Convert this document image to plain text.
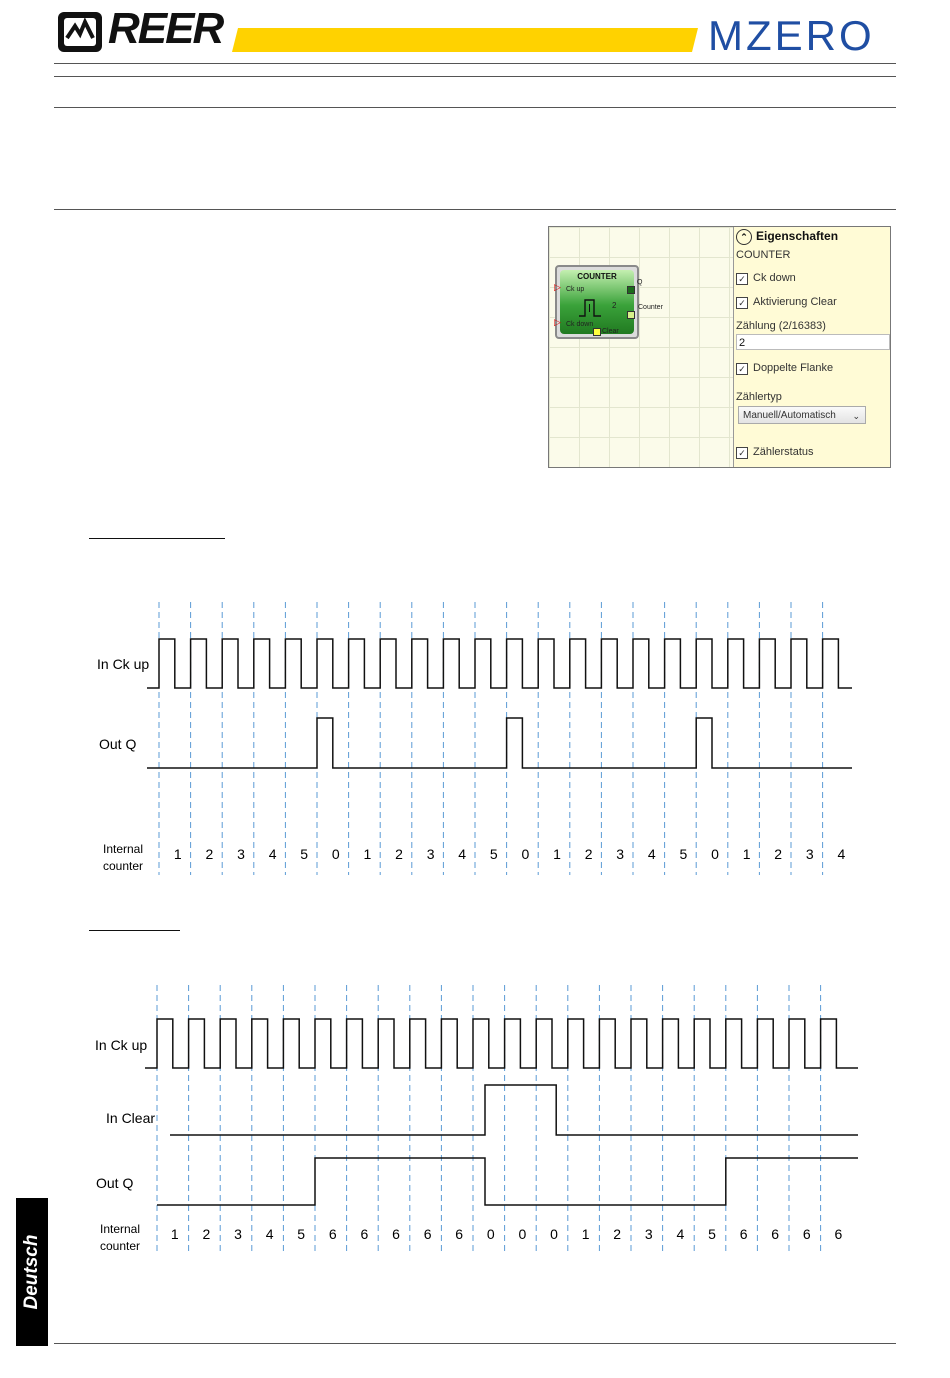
REER	MZERO
COUNTER
Ck up
Ck down
Clear
2
▷
▷
Q
Counter
⌃ Eigenschaften
COUNTER
✓ Ck down
✓ Aktivierung Clear
Zählung (2/16383)
2
✓ Doppelte Flanke
Zählertyp
Manuell/Automatisch ⌄
✓ Zählerstatus
In Ck up
Out Q
Internal
counter
1 2 3 4 5 0 1 2 3 4 5 0 1 2 3 4 5 0 1 2 3 4
In Ck up
In Clear
Out Q
Internal
counter
1 2 3 4 5 6 6 6 6 6 0 0 0 1 2 3 4 5 6 6 6 6
Deutsch
